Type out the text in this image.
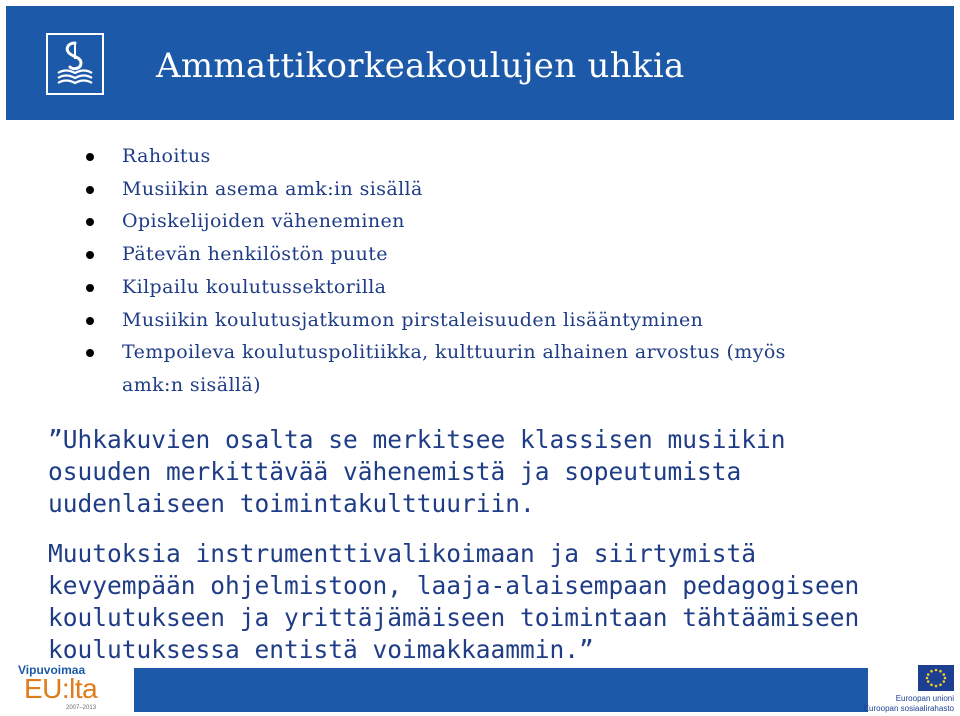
Ammattikorkeakoulujen uhkia
Rahoitus
Musiikin asema amk:in sisällä
Opiskelijoiden väheneminen
Pätevän henkilöstön puute
Kilpailu koulutussektorilla
Musiikin koulutusjatkumon pirstaleisuuden lisääntyminen
Tempoileva koulutuspolitiikka, kulttuurin alhainen arvostus (myös amk:n sisällä)
”Uhkakuvien osalta se merkitsee klassisen musiikin
osuuden merkittävää vähenemistä ja sopeutumista
uudenlaiseen toimintakulttuuriin.
Muutoksia instrumenttivalikoimaan ja siirtymistä
kevyempään ohjelmistoon, laaja-alaisempaan pedagogiseen
koulutukseen ja yrittäjämäiseen toimintaan tähtäämiseen
koulutuksessa entistä voimakkaammin.”
Vipuvoimaa
EU:lta
2007–2013
Euroopan unioni
Euroopan sosiaalirahasto
